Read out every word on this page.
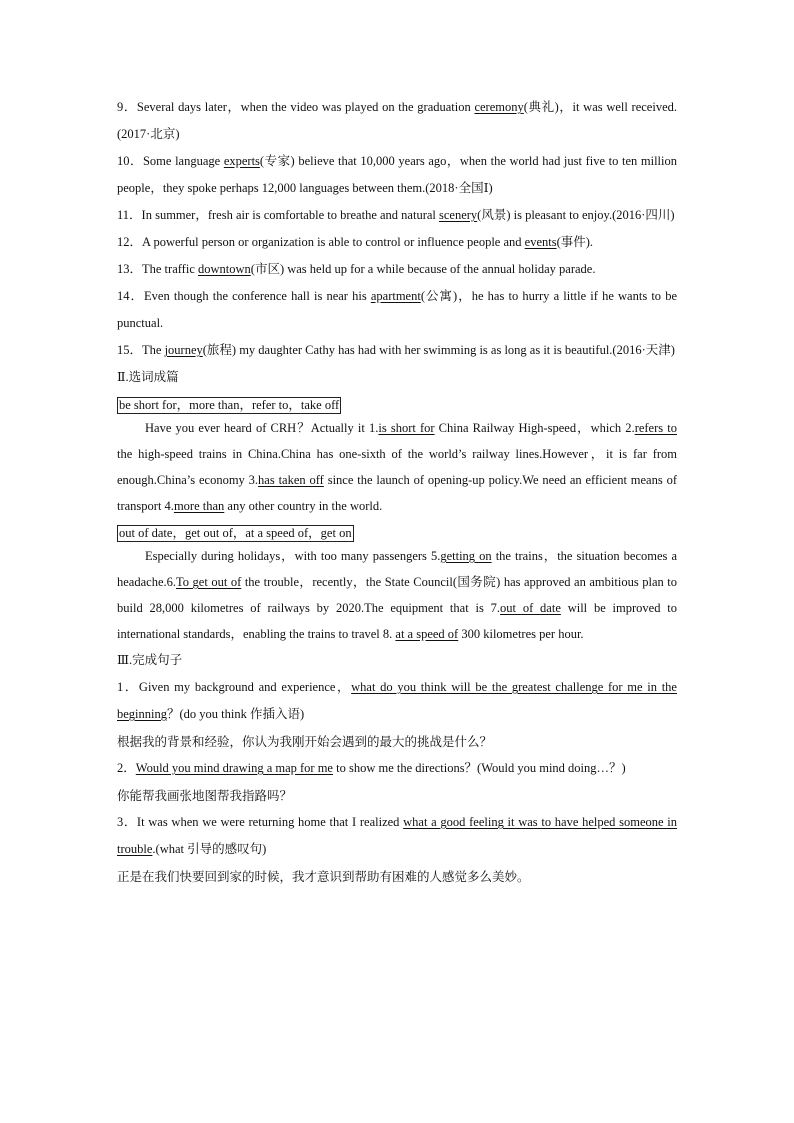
9．Several days later，when the video was played on the graduation ceremony(典礼)，it was well received.(2017·北京)

10．Some language experts(专家) believe that 10,000 years ago，when the world had just five to ten million people，they spoke perhaps 12,000 languages between them.(2018·全国Ⅰ)

11．In summer，fresh air is comfortable to breathe and natural scenery(风景) is pleasant to enjoy.(2016·四川)

12．A powerful person or organization is able to control or influence people and events(事件).

13．The traffic downtown(市区) was held up for a while because of the annual holiday parade.

14．Even though the conference hall is near his apartment(公寓)，he has to hurry a little if he wants to be punctual.

15．The journey(旅程) my daughter Cathy has had with her swimming is as long as it is beautiful.(2016·天津)

Ⅱ.选词成篇

be short for，more than，refer to，take off

Have you ever heard of CRH？Actually it 1.is short for China Railway High-speed，which 2.refers to the high-speed trains in China.China has one-sixth of the world’s railway lines.However，it is far from enough.China’s economy 3.has taken off since the launch of opening-up policy.We need an efficient means of transport 4.more than any other country in the world.

out of date，get out of，at a speed of，get on

Especially during holidays，with too many passengers 5.getting on the trains，the situation becomes a headache.6.To get out of the trouble，recently，the State Council(国务院) has approved an ambitious plan to build 28,000 kilometres of railways by 2020.The equipment that is 7.out of date will be improved to international standards，enabling the trains to travel 8. at a speed of 300 kilometres per hour.

Ⅲ.完成句子

1．Given my background and experience，what do you think will be the greatest challenge for me in the beginning？(do you think 作插入语)

根据我的背景和经验，你认为我刚开始会遇到的最大的挑战是什么？

2．Would you mind drawing a map for me to show me the directions？(Would you mind doing…？)

你能帮我画张地图帮我指路吗？

3．It was when we were returning home that I realized what a good feeling it was to have helped someone in trouble.(what 引导的感叹句)

正是在我们快要回到家的时候，我才意识到帮助有困难的人感觉多么美妙。
